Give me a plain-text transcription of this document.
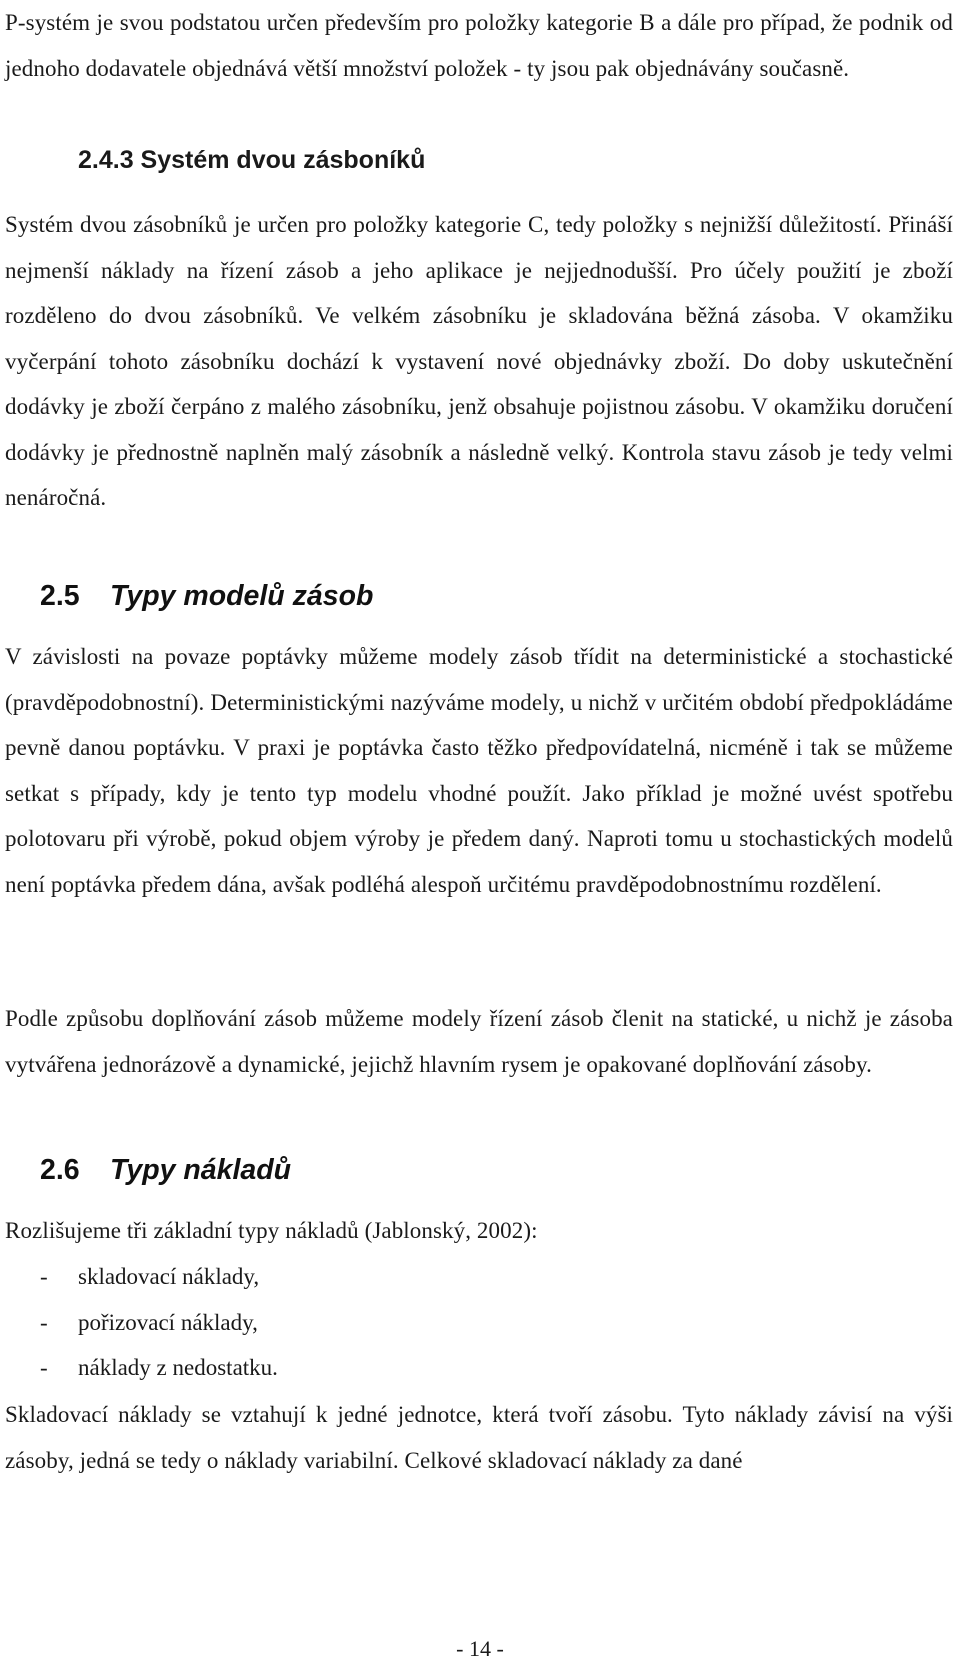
P-systém je svou podstatou určen především pro položky kategorie B a dále pro případ, že podnik od jednoho dodavatele objednává větší množství položek - ty jsou pak objednávány současně.

2.4.3 Systém dvou zásboníků

Systém dvou zásobníků je určen pro položky kategorie C, tedy položky s nejnižší důležitostí. Přináší nejmenší náklady na řízení zásob a jeho aplikace je nejjednodušší. Pro účely použití je zboží rozděleno do dvou zásobníků. Ve velkém zásobníku je skladována běžná zásoba. V okamžiku vyčerpání tohoto zásobníku dochází k vystavení nové objednávky zboží. Do doby uskutečnění dodávky je zboží čerpáno z malého zásobníku, jenž obsahuje pojistnou zásobu. V okamžiku doručení dodávky je přednostně naplněn malý zásobník a následně velký. Kontrola stavu zásob je tedy velmi nenáročná.

2.5 Typy modelů zásob

V závislosti na povaze poptávky můžeme modely zásob třídit na deterministické a stochastické (pravděpodobnostní). Deterministickými nazýváme modely, u nichž v určitém období předpokládáme pevně danou poptávku. V praxi je poptávka často těžko předpovídatelná, nicméně i tak se můžeme setkat s případy, kdy je tento typ modelu vhodné použít. Jako příklad je možné uvést spotřebu polotovaru při výrobě, pokud objem výroby je předem daný. Naproti tomu u stochastických modelů není poptávka předem dána, avšak podléhá alespoň určitému pravděpodobnostnímu rozdělení.

Podle způsobu doplňování zásob můžeme modely řízení zásob členit na statické, u nichž je zásoba vytvářena jednorázově a dynamické, jejichž hlavním rysem je opakované doplňování zásoby.

2.6 Typy nákladů

Rozlišujeme tři základní typy nákladů (Jablonský, 2002):

-	skladovací náklady,
-	pořizovací náklady,
-	náklady z nedostatku.

Skladovací náklady se vztahují k jedné jednotce, která tvoří zásobu. Tyto náklady závisí na výši zásoby, jedná se tedy o náklady variabilní. Celkové skladovací náklady za dané

- 14 -
